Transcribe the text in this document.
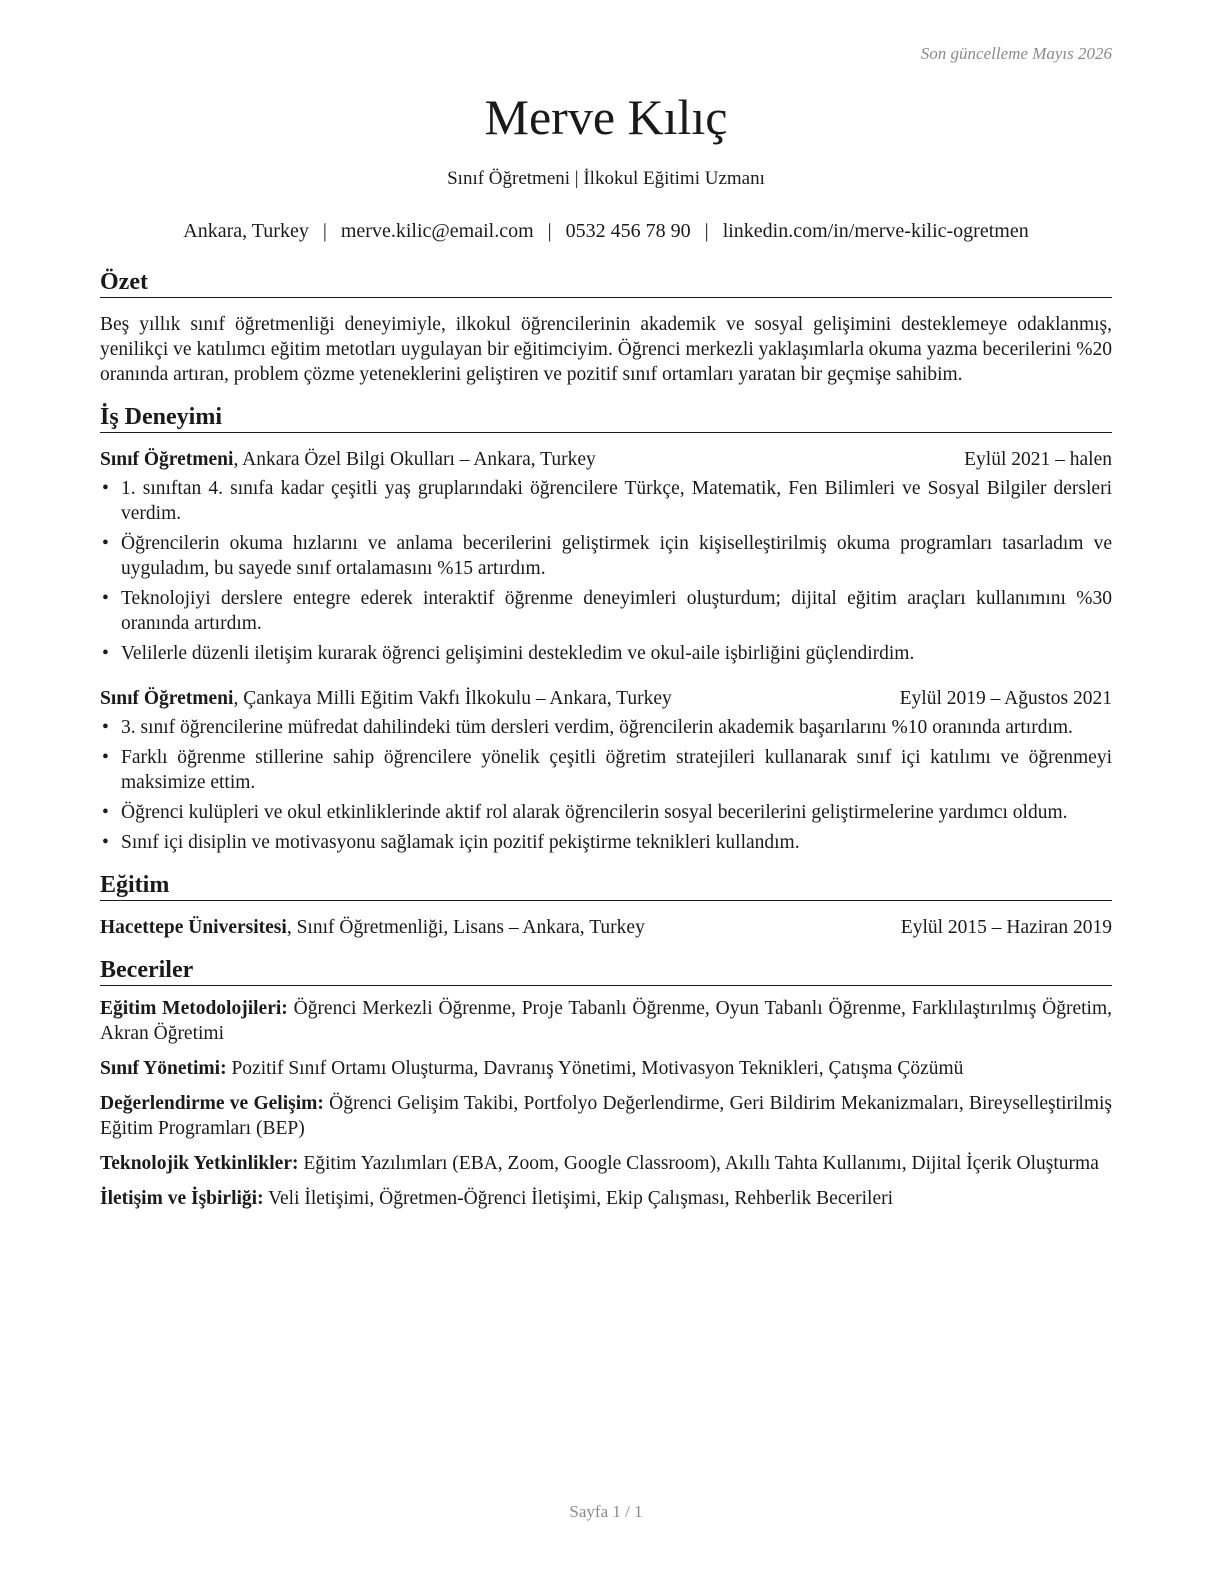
Son güncelleme Mayıs 2026
Merve Kılıç
Sınıf Öğretmeni | İlkokul Eğitimi Uzmanı
Ankara, Turkey | merve.kilic@email.com | 0532 456 78 90 | linkedin.com/in/merve-kilic-ogretmen
Özet

Beş yıllık sınıf öğretmenliği deneyimiyle, ilkokul öğrencilerinin akademik ve sosyal gelişimini desteklemeye odaklanmış, yenilikçi ve katılımcı eğitim metotları uygulayan bir eğitimciyim. Öğrenci merkezli yaklaşımlarla okuma yazma becerilerini %20 oranında artıran, problem çözme yeteneklerini geliştiren ve pozitif sınıf ortamları yaratan bir geçmişe sahibim.

İş Deneyimi
Sınıf Öğretmeni, Ankara Özel Bilgi Okulları – Ankara, Turkey	Eylül 2021 – halen
• 1. sınıftan 4. sınıfa kadar çeşitli yaş gruplarındaki öğrencilere Türkçe, Matematik, Fen Bilimleri ve Sosyal Bilgiler dersleri verdim.
• Öğrencilerin okuma hızlarını ve anlama becerilerini geliştirmek için kişiselleştirilmiş okuma programları tasarladım ve uyguladım, bu sayede sınıf ortalamasını %15 artırdım.
• Teknolojiyi derslere entegre ederek interaktif öğrenme deneyimleri oluşturdum; dijital eğitim araçları kullanımını %30 oranında artırdım.
• Velilerle düzenli iletişim kurarak öğrenci gelişimini destekledim ve okul-aile işbirliğini güçlendirdim.
Sınıf Öğretmeni, Çankaya Milli Eğitim Vakfı İlkokulu – Ankara, Turkey	Eylül 2019 – Ağustos 2021
• 3. sınıf öğrencilerine müfredat dahilindeki tüm dersleri verdim, öğrencilerin akademik başarılarını %10 oranında artırdım.
• Farklı öğrenme stillerine sahip öğrencilere yönelik çeşitli öğretim stratejileri kullanarak sınıf içi katılımı ve öğrenmeyi maksimize ettim.
• Öğrenci kulüpleri ve okul etkinliklerinde aktif rol alarak öğrencilerin sosyal becerilerini geliştirmelerine yardımcı oldum.
• Sınıf içi disiplin ve motivasyonu sağlamak için pozitif pekiştirme teknikleri kullandım.
Eğitim
Hacettepe Üniversitesi, Sınıf Öğretmenliği, Lisans – Ankara, Turkey	Eylül 2015 – Haziran 2019
Beceriler

Eğitim Metodolojileri: Öğrenci Merkezli Öğrenme, Proje Tabanlı Öğrenme, Oyun Tabanlı Öğrenme, Farklılaştırılmış Öğretim, Akran Öğretimi

Sınıf Yönetimi: Pozitif Sınıf Ortamı Oluşturma, Davranış Yönetimi, Motivasyon Teknikleri, Çatışma Çözümü

Değerlendirme ve Gelişim: Öğrenci Gelişim Takibi, Portfolyo Değerlendirme, Geri Bildirim Mekanizmaları, Bireyselleştirilmiş Eğitim Programları (BEP)

Teknolojik Yetkinlikler: Eğitim Yazılımları (EBA, Zoom, Google Classroom), Akıllı Tahta Kullanımı, Dijital İçerik Oluşturma

İletişim ve İşbirliği: Veli İletişimi, Öğretmen-Öğrenci İletişimi, Ekip Çalışması, Rehberlik Becerileri

Sayfa 1 / 1
